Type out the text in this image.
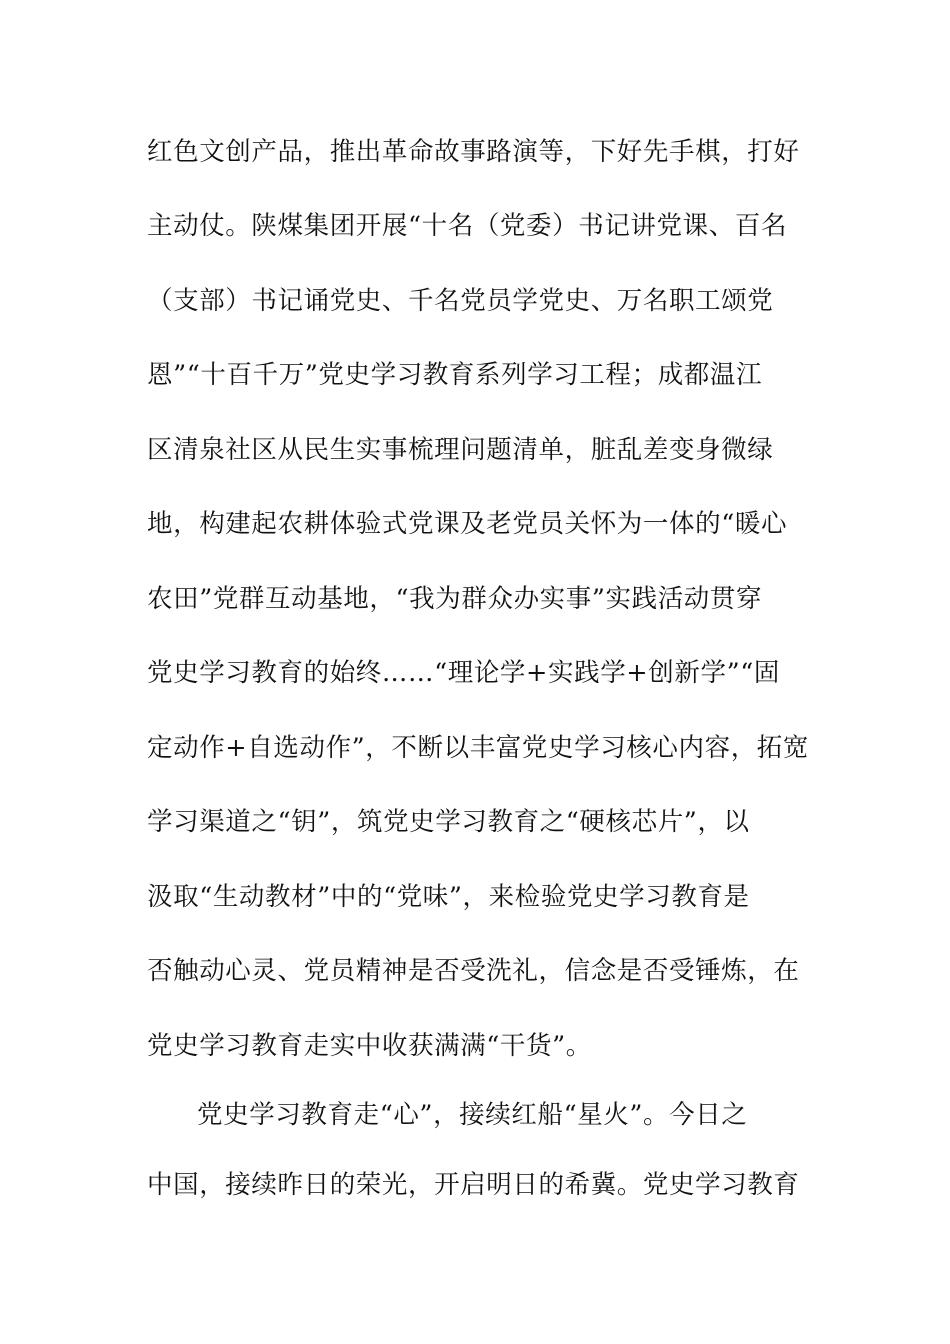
红色文创产品，推出革命故事路演等，下好先手棋，打好
主动仗。陕煤集团开展“十名（党委）书记讲党课、百名
（支部）书记诵党史、千名党员学党史、万名职工颂党
恩”“十百千万”党史学习教育系列学习工程；成都温江
区清泉社区从民生实事梳理问题清单，脏乱差变身微绿
地，构建起农耕体验式党课及老党员关怀为一体的“暖心
农田”党群互动基地，“我为群众办实事”实践活动贯穿
党史学习教育的始终……“理论学+实践学+创新学”“固
定动作+自选动作”，不断以丰富党史学习核心内容，拓宽
学习渠道之“钥”，筑党史学习教育之“硬核芯片”，以
汲取“生动教材”中的“党味”，来检验党史学习教育是
否触动心灵、党员精神是否受洗礼，信念是否受锤炼，在
党史学习教育走实中收获满满“干货”。
党史学习教育走“心”，接续红船“星火”。今日之
中国，接续昨日的荣光，开启明日的希冀。党史学习教育
